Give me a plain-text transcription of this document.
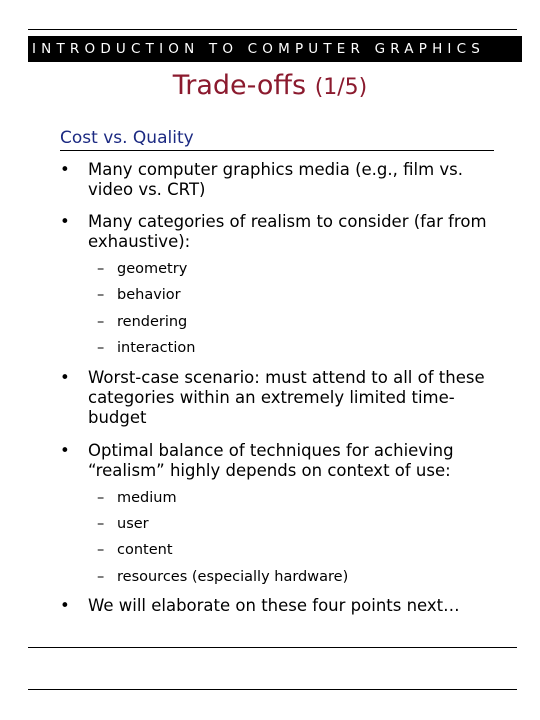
INTRODUCTION TO COMPUTER GRAPHICS
Trade-offs (1/5)
Cost vs. Quality
• Many computer graphics media (e.g., film vs. video vs. CRT)
• Many categories of realism to consider (far from exhaustive):
– geometry
– behavior
– rendering
– interaction
• Worst-case scenario: must attend to all of these categories within an extremely limited time-budget
• Optimal balance of techniques for achieving “realism” highly depends on context of use:
– medium
– user
– content
– resources (especially hardware)
• We will elaborate on these four points next…
